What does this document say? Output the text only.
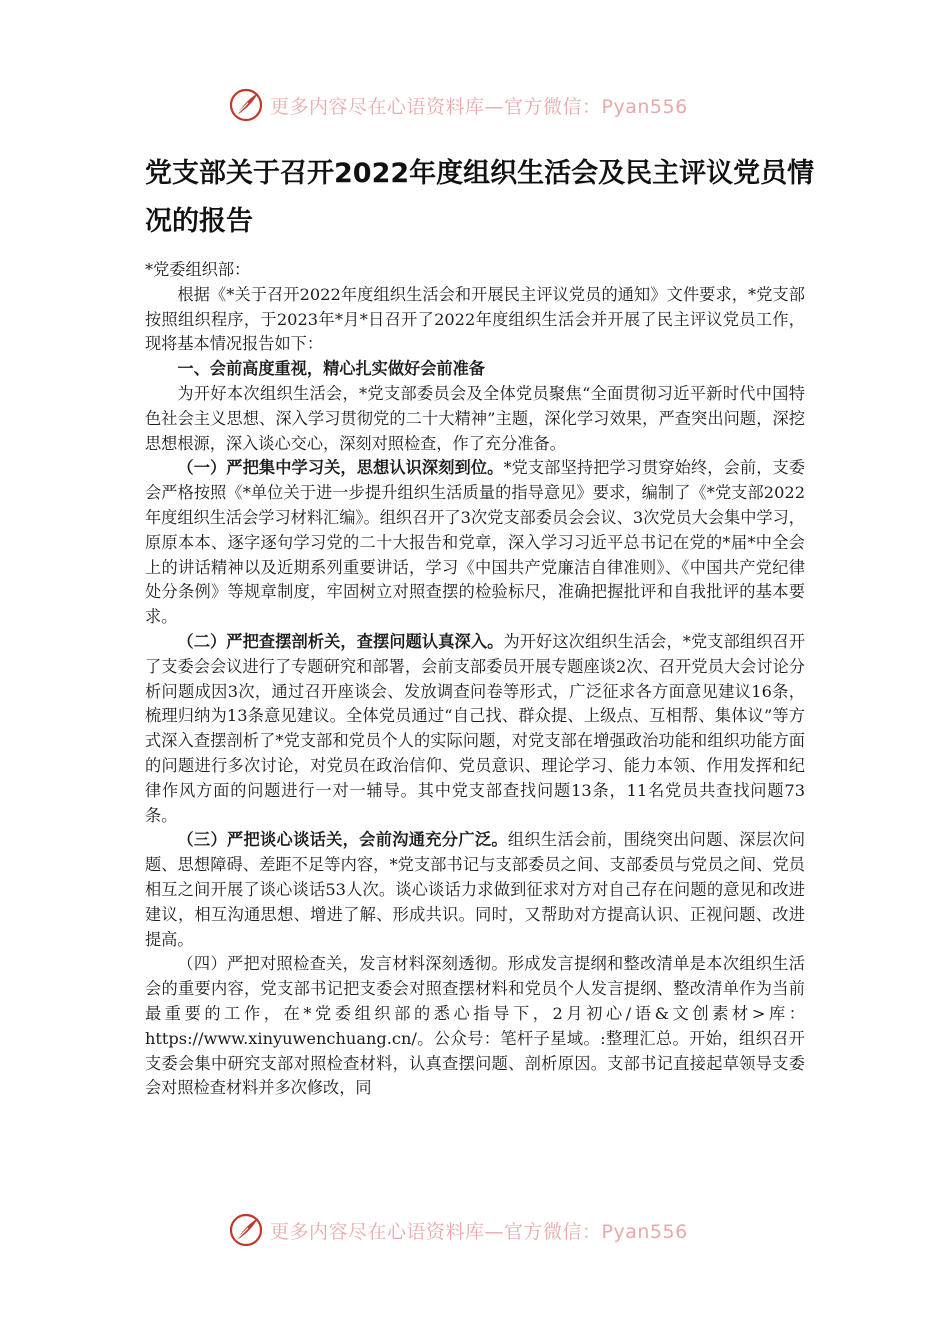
更多内容尽在心语资料库—官方微信：Pyan556
党支部关于召开2022年度组织生活会及民主评议党员情况的报告

*党委组织部：

根据《*关于召开2022年度组织生活会和开展民主评议党员的通知》文件要求，*党支部按照组织程序，于2023年*月*日召开了2022年度组织生活会并开展了民主评议党员工作，现将基本情况报告如下：

一、会前高度重视，精心扎实做好会前准备

为开好本次组织生活会，*党支部委员会及全体党员聚焦“全面贯彻习近平新时代中国特色社会主义思想、深入学习贯彻党的二十大精神”主题，深化学习效果，严查突出问题，深挖思想根源，深入谈心交心，深刻对照检查，作了充分准备。

（一）严把集中学习关，思想认识深刻到位。*党支部坚持把学习贯穿始终，会前，支委会严格按照《*单位关于进一步提升组织生活质量的指导意见》要求，编制了《*党支部2022年度组织生活会学习材料汇编》。组织召开了3次党支部委员会会议、3次党员大会集中学习，原原本本、逐字逐句学习党的二十大报告和党章，深入学习习近平总书记在党的*届*中全会上的讲话精神以及近期系列重要讲话，学习《中国共产党廉洁自律准则》、《中国共产党纪律处分条例》等规章制度，牢固树立对照查摆的检验标尺，准确把握批评和自我批评的基本要求。

（二）严把查摆剖析关，查摆问题认真深入。为开好这次组织生活会，*党支部组织召开了支委会会议进行了专题研究和部署，会前支部委员开展专题座谈2次、召开党员大会讨论分析问题成因3次，通过召开座谈会、发放调查问卷等形式，广泛征求各方面意见建议16条，梳理归纳为13条意见建议。全体党员通过“自己找、群众提、上级点、互相帮、集体议”等方式深入查摆剖析了*党支部和党员个人的实际问题，对党支部在增强政治功能和组织功能方面的问题进行多次讨论，对党员在政治信仰、党员意识、理论学习、能力本领、作用发挥和纪律作风方面的问题进行一对一辅导。其中党支部查找问题13条，11名党员共查找问题73条。

（三）严把谈心谈话关，会前沟通充分广泛。组织生活会前，围绕突出问题、深层次问题、思想障碍、差距不足等内容，*党支部书记与支部委员之间、支部委员与党员之间、党员相互之间开展了谈心谈话53人次。谈心谈话力求做到征求对方对自己存在问题的意见和改进建议，相互沟通思想、增进了解、形成共识。同时，又帮助对方提高认识、正视问题、改进提高。

（四）严把对照检查关，发言材料深刻透彻。形成发言提纲和整改清单是本次组织生活会的重要内容，党支部书记把支委会对照查摆材料和党员个人发言提纲、整改清单作为当前最重要的工作，在*党委组织部的悉心指导下，2月初心/语&文创素材>库：https://www.xinyuwenchuang.cn/。公众号：笔杆子星域。:整理汇总。开始，组织召开支委会集中研究支部对照检查材料，认真查摆问题、剖析原因。支部书记直接起草领导支委会对照检查材料并多次修改，同

更多内容尽在心语资料库—官方微信：Pyan556
